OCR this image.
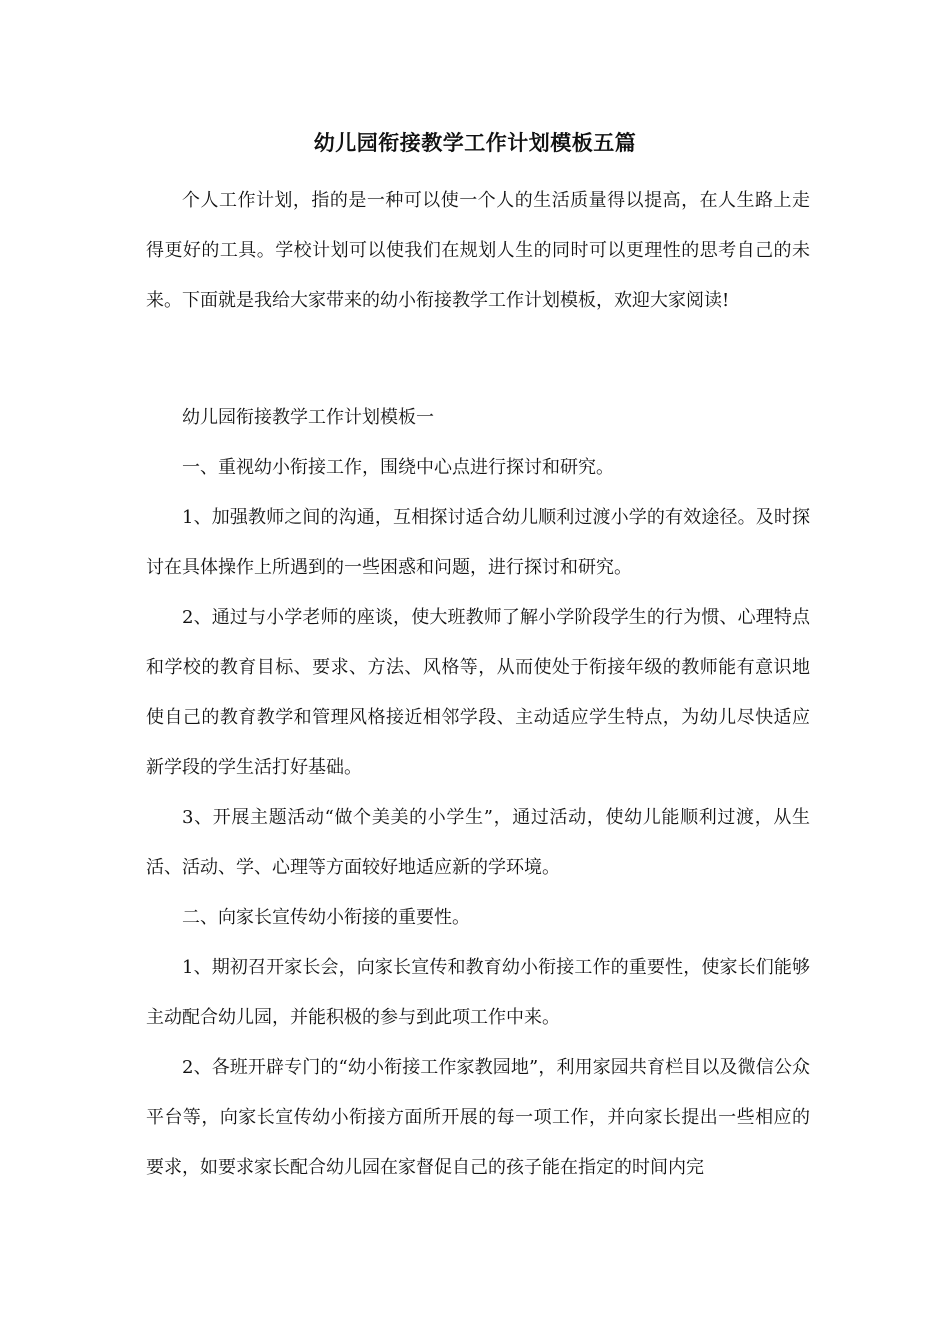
幼儿园衔接教学工作计划模板五篇

个人工作计划，指的是一种可以使一个人的生活质量得以提高，在人生路上走得更好的工具。学校计划可以使我们在规划人生的同时可以更理性的思考自己的未来。下面就是我给大家带来的幼小衔接教学工作计划模板，欢迎大家阅读!

幼儿园衔接教学工作计划模板一

一、重视幼小衔接工作，围绕中心点进行探讨和研究。

1、加强教师之间的沟通，互相探讨适合幼儿顺利过渡小学的有效途径。及时探讨在具体操作上所遇到的一些困惑和问题，进行探讨和研究。

2、通过与小学老师的座谈，使大班教师了解小学阶段学生的行为惯、心理特点和学校的教育目标、要求、方法、风格等，从而使处于衔接年级的教师能有意识地使自己的教育教学和管理风格接近相邻学段、主动适应学生特点，为幼儿尽快适应新学段的学生活打好基础。

3、开展主题活动“做个美美的小学生”，通过活动，使幼儿能顺利过渡，从生活、活动、学、心理等方面较好地适应新的学环境。

二、向家长宣传幼小衔接的重要性。

1、期初召开家长会，向家长宣传和教育幼小衔接工作的重要性，使家长们能够主动配合幼儿园，并能积极的参与到此项工作中来。

2、各班开辟专门的“幼小衔接工作家教园地”，利用家园共育栏目以及微信公众平台等，向家长宣传幼小衔接方面所开展的每一项工作，并向家长提出一些相应的要求，如要求家长配合幼儿园在家督促自己的孩子能在指定的时间内完
